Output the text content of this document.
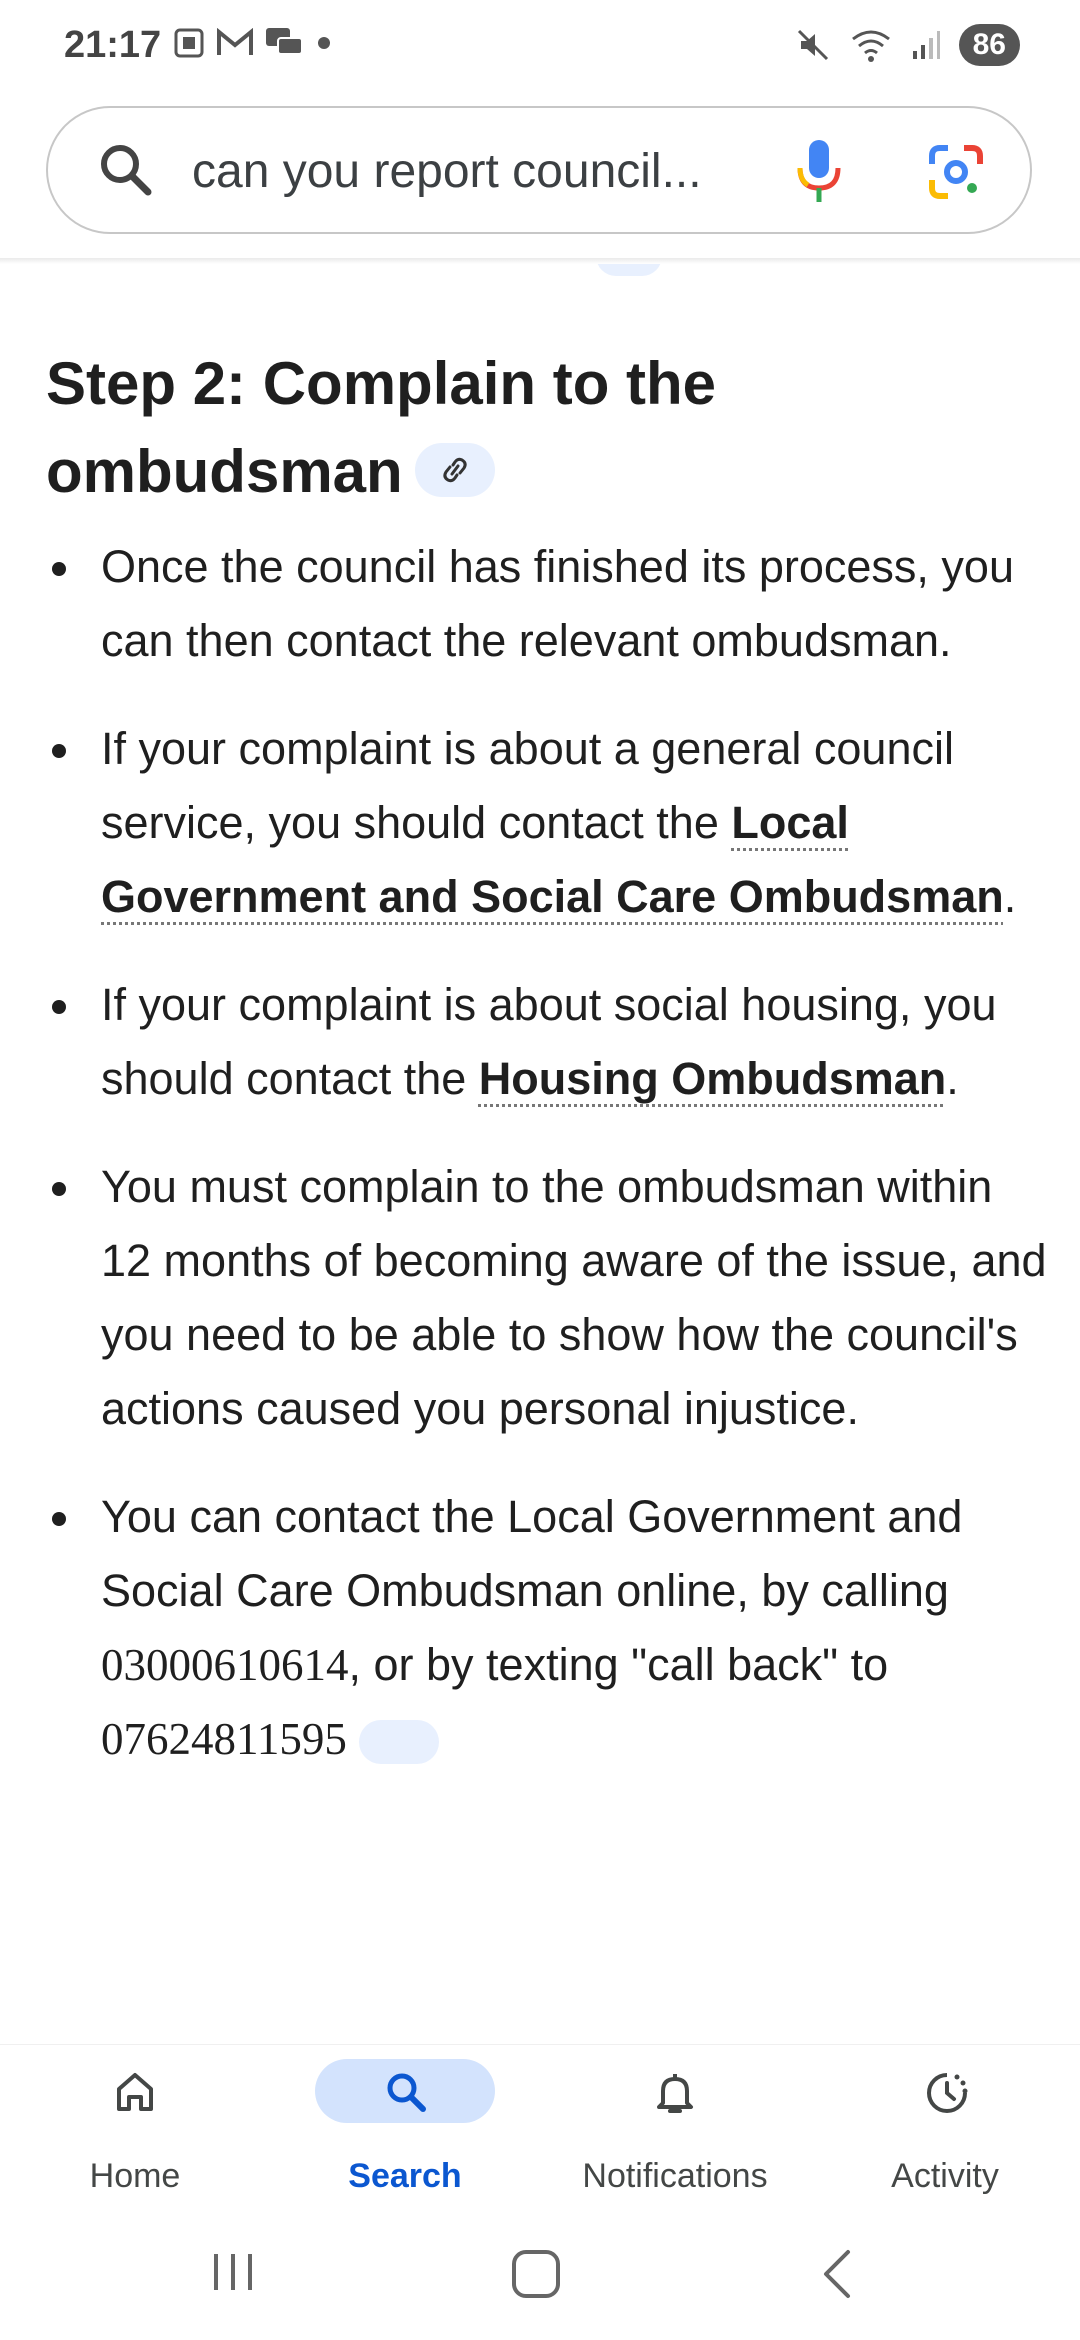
21:17	86
can you report council...
Step 2: Complain to the ombudsman
Once the council has finished its process, you can then contact the relevant ombudsman.
If your complaint is about a general council service, you should contact the Local Government and Social Care Ombudsman.
If your complaint is about social housing, you should contact the Housing Ombudsman.
You must complain to the ombudsman within 12 months of becoming aware of the issue, and you need to be able to show how the council's actions caused you personal injustice.
You can contact the Local Government and Social Care Ombudsman online, by calling 03000610614, or by texting "call back" to 07624811595
Home	Search	Notifications	Activity
